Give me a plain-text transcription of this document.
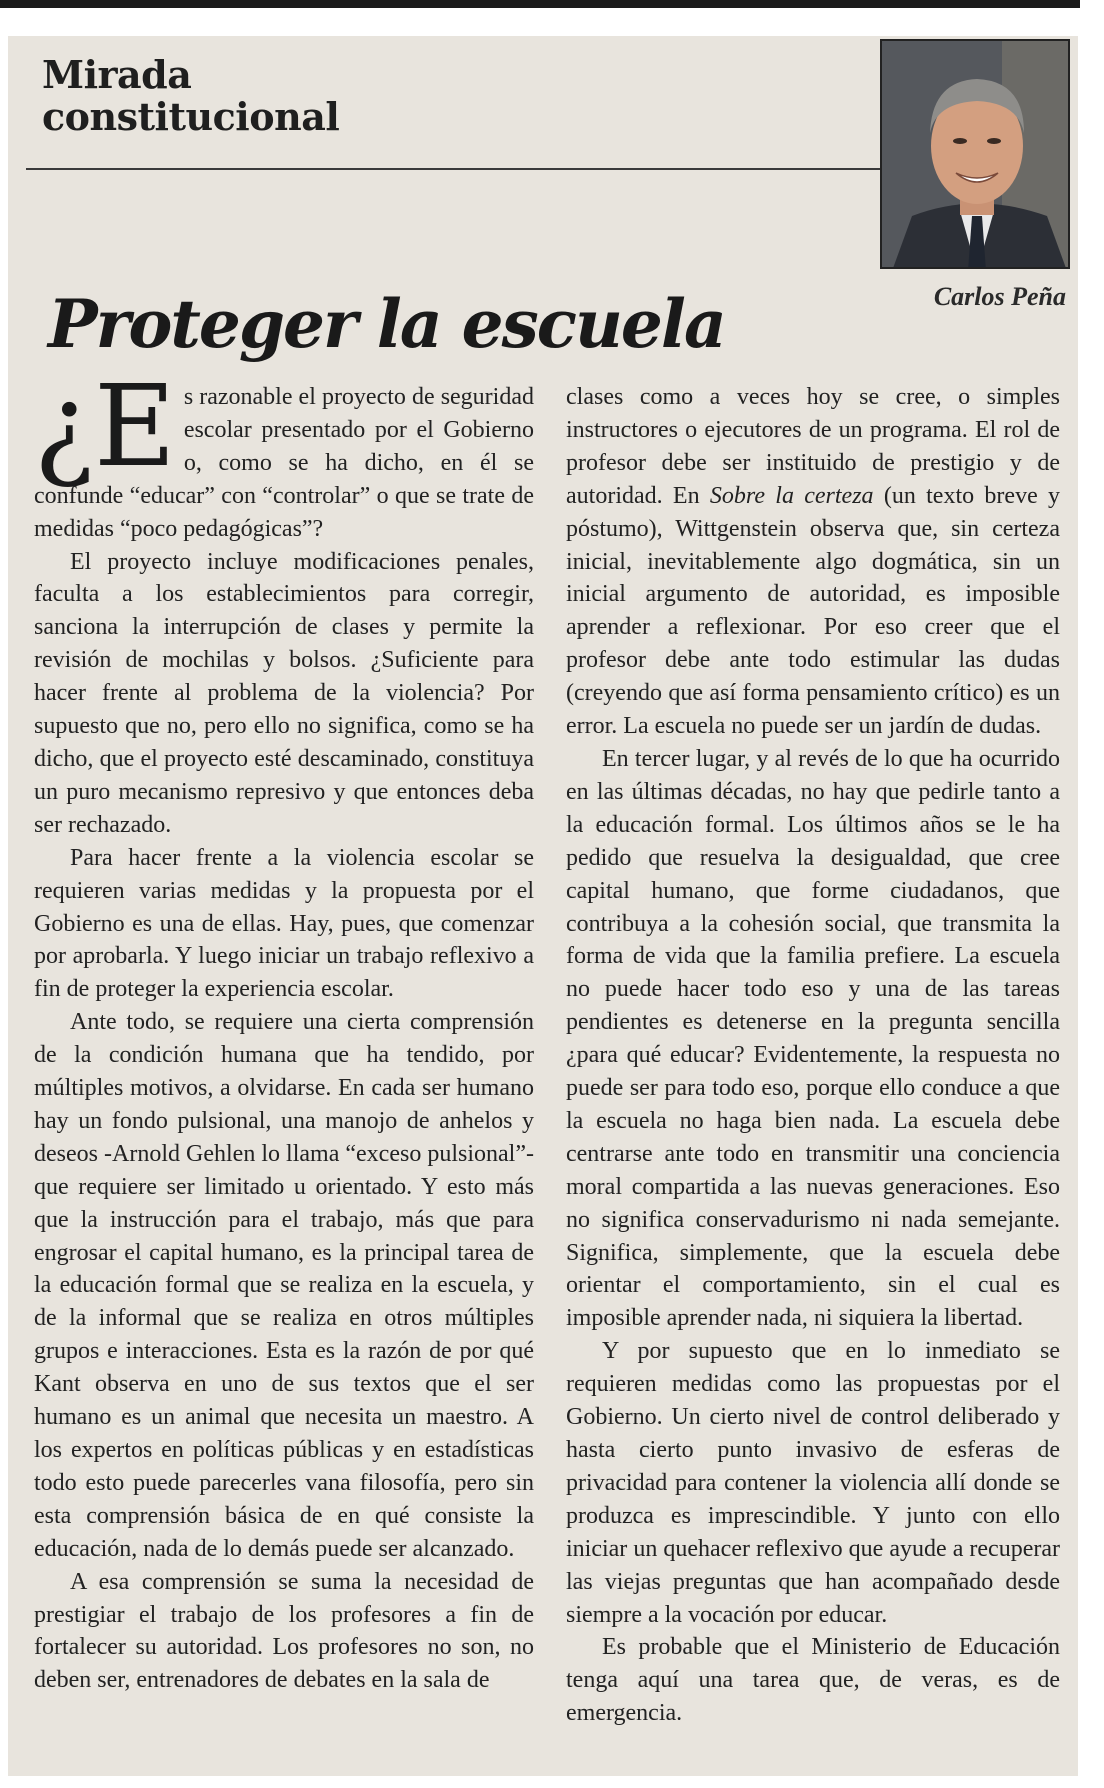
Mirada constitucional
Carlos Peña
Proteger la escuela

¿E s razonable el proyecto de seguridad escolar presentado por el Gobierno o, como se ha dicho, en él se confunde “educar” con “controlar” o que se trate de medidas “poco pedagógicas”?

El proyecto incluye modificaciones penales, faculta a los establecimientos para corregir, sanciona la interrupción de clases y permite la revisión de mochilas y bolsos. ¿Suficiente para hacer frente al problema de la violencia? Por supuesto que no, pero ello no significa, como se ha dicho, que el proyecto esté descaminado, constituya un puro mecanismo represivo y que entonces deba ser rechazado.

Para hacer frente a la violencia escolar se requieren varias medidas y la propuesta por el Gobierno es una de ellas. Hay, pues, que comenzar por aprobarla. Y luego iniciar un trabajo reflexivo a fin de proteger la experiencia escolar.

Ante todo, se requiere una cierta comprensión de la condición humana que ha tendido, por múltiples motivos, a olvidarse. En cada ser humano hay un fondo pulsional, una manojo de anhelos y deseos -Arnold Gehlen lo llama “exceso pulsional”- que requiere ser limitado u orientado. Y esto más que la instrucción para el trabajo, más que para engrosar el capital humano, es la principal tarea de la educación formal que se realiza en la escuela, y de la informal que se realiza en otros múltiples grupos e interacciones. Esta es la razón de por qué Kant observa en uno de sus textos que el ser humano es un animal que necesita un maestro. A los expertos en políticas públicas y en estadísticas todo esto puede parecerles vana filosofía, pero sin esta comprensión básica de en qué consiste la educación, nada de lo demás puede ser alcanzado.

A esa comprensión se suma la necesidad de prestigiar el trabajo de los profesores a fin de fortalecer su autoridad. Los profesores no son, no deben ser, entrenadores de debates en la sala de

clases como a veces hoy se cree, o simples instructores o ejecutores de un programa. El rol de profesor debe ser instituido de prestigio y de autoridad. En Sobre la certeza (un texto breve y póstumo), Wittgenstein observa que, sin certeza inicial, inevitablemente algo dogmática, sin un inicial argumento de autoridad, es imposible aprender a reflexionar. Por eso creer que el profesor debe ante todo estimular las dudas (creyendo que así forma pensamiento crítico) es un error. La escuela no puede ser un jardín de dudas.

En tercer lugar, y al revés de lo que ha ocurrido en las últimas décadas, no hay que pedirle tanto a la educación formal. Los últimos años se le ha pedido que resuelva la desigualdad, que cree capital humano, que forme ciudadanos, que contribuya a la cohesión social, que transmita la forma de vida que la familia prefiere. La escuela no puede hacer todo eso y una de las tareas pendientes es detenerse en la pregunta sencilla ¿para qué educar? Evidentemente, la respuesta no puede ser para todo eso, porque ello conduce a que la escuela no haga bien nada. La escuela debe centrarse ante todo en transmitir una conciencia moral compartida a las nuevas generaciones. Eso no significa conservadurismo ni nada semejante. Significa, simplemente, que la escuela debe orientar el comportamiento, sin el cual es imposible aprender nada, ni siquiera la libertad.

Y por supuesto que en lo inmediato se requieren medidas como las propuestas por el Gobierno. Un cierto nivel de control deliberado y hasta cierto punto invasivo de esferas de privacidad para contener la violencia allí donde se produzca es imprescindible. Y junto con ello iniciar un quehacer reflexivo que ayude a recuperar las viejas preguntas que han acompañado desde siempre a la vocación por educar.

Es probable que el Ministerio de Educación tenga aquí una tarea que, de veras, es de emergencia.
